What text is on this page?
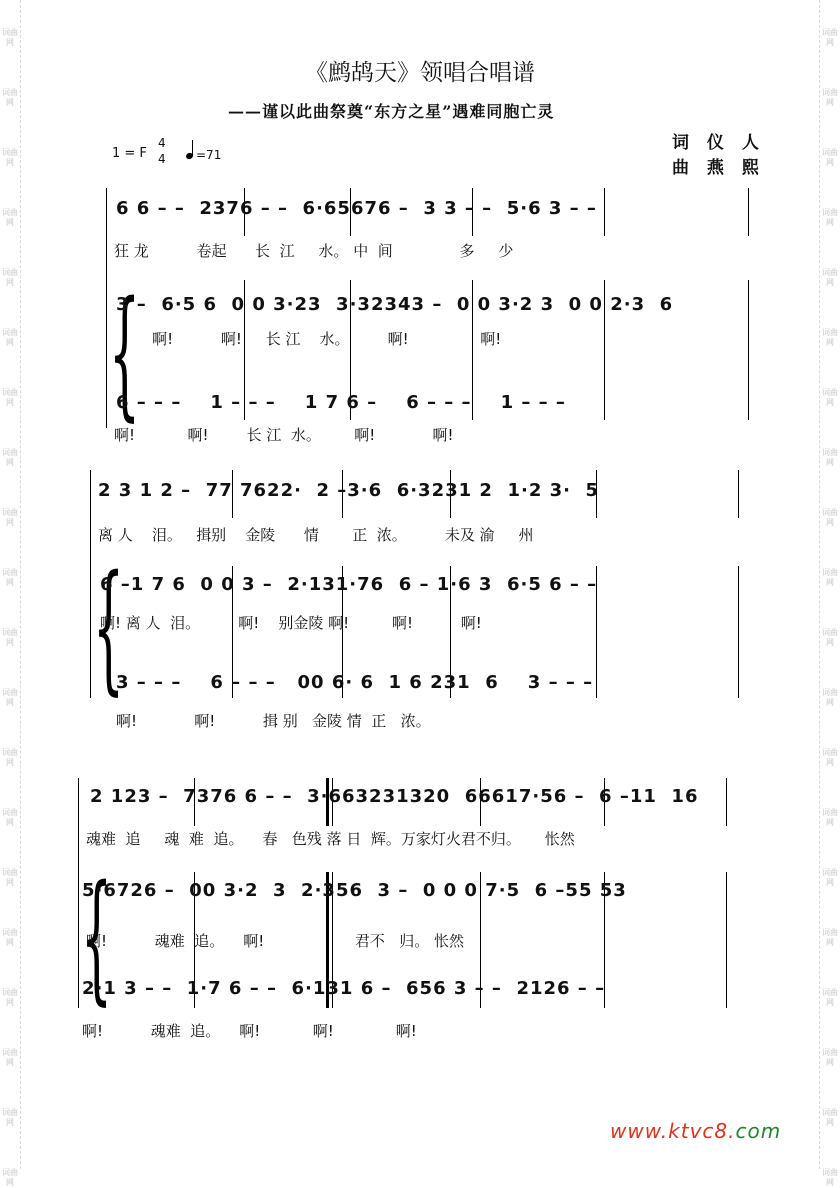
词曲网
词曲网
词曲网
词曲网
词曲网
词曲网
词曲网
词曲网
词曲网
词曲网
词曲网
词曲网
词曲网
词曲网
词曲网
词曲网
词曲网
词曲网
词曲网
词曲网
词曲网
词曲网
词曲网
词曲网
词曲网
词曲网
词曲网
词曲网
词曲网
词曲网
词曲网
词曲网
词曲网
词曲网
词曲网
词曲网
词曲网
词曲网
词曲网
词曲网
《鹧鸪天》领唱合唱谱
——谨以此曲祭奠“东方之星”遇难同胞亡灵
1 = F
4
4	=71
词 仪 人
曲 燕 熙
{
6 6 – –  2376 – –  6·65676 –  3 3 – –  5·6 3 – –
狂 龙          卷起      长  江     水。 中  间              多     少
3 –  6·5 6  0 0 3·23  3·32343 –  0 0 3·2 3  0 0 2·3  6
啊!          啊!     长 江    水。        啊!               啊!
6 – – –    1 – – –    1 7 6 –    6 – – –    1 – – –
啊!           啊!        长 江  水。       啊!            啊!
{
2 3 1 2 –  77 7622·  2 –3·6  6·3231 2  1·2 3·  5
离 人    泪。   揖别    金陵      情       正  浓。        未及 渝     州
6 –1 7 6  0 0 3 –  2·131·76  6 – 1·6 3  6·5 6 – –
啊! 离 人  泪。        啊!    别金陵 啊!         啊!          啊!
3 – – –    6 – – –   00 6· 6  1 6 231  6    3 – – –
啊!            啊!          揖 别   金陵 情  正   浓。
{
2 123 –  7376 6 – –  3·663231320  66617·56 –  6 –11  16
魂难  追     魂  难  追。    春   色残 落 日  辉。万家灯火君不归。     怅然
5·6726 –  00 3·2  3  2·356  3 –  0 0 0 7·5  6 –55 53
啊!          魂难  追。    啊!                   君不   归。 怅然
2·1 3 – –  1·7 6 – –  6·131 6 –  656 3 – –  2126 – –
啊!          魂难  追。    啊!           啊!             啊!
www.ktvc8.com
